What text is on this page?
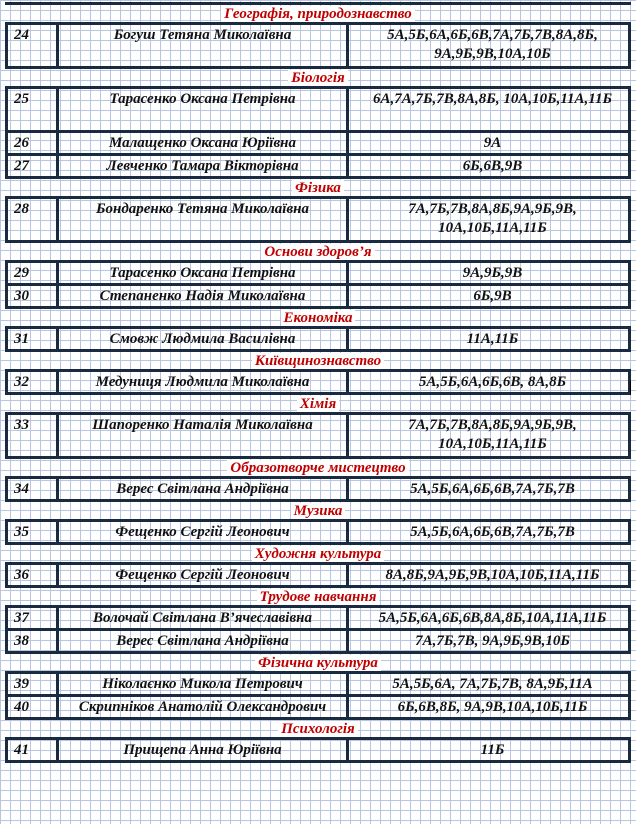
Географія, природознавство
24	Богуш Тетяна Миколаївна	5А,5Б,6А,6Б,6В,7А,7Б,7В,8А,8Б, 9А,9Б,9В,10А,10Б
Біологія
25	Тарасенко Оксана Петрівна	6А,7А,7Б,7В,8А,8Б, 10А,10Б,11А,11Б
26	Малащенко Оксана Юріївна	9А
27	Левченко Тамара Вікторівна	6Б,6В,9В
Фізика
28	Бондаренко Тетяна Миколаївна	7А,7Б,7В,8А,8Б,9А,9Б,9В, 10А,10Б,11А,11Б
Основи здоров’я
29	Тарасенко Оксана Петрівна	9А,9Б,9В
30	Степаненко Надія Миколаївна	6Б,9В
Економіка
31	Смовж Людмила Василівна	11А,11Б
Київщинознавство
32	Медуниця Людмила Миколаївна	5А,5Б,6А,6Б,6В, 8А,8Б
Хімія
33	Шапоренко Наталія Миколаївна	7А,7Б,7В,8А,8Б,9А,9Б,9В, 10А,10Б,11А,11Б
Образотворче мистецтво
34	Верес Світлана Андріївна	5А,5Б,6А,6Б,6В,7А,7Б,7В
Музика
35	Фещенко Сергій Леонович	5А,5Б,6А,6Б,6В,7А,7Б,7В
Художня культура
36	Фещенко Сергій Леонович	8А,8Б,9А,9Б,9В,10А,10Б,11А,11Б
Трудове навчання
37	Волочай Світлана В’ячеславівна	5А,5Б,6А,6Б,6В,8А,8Б,10А,11А,11Б
38	Верес Світлана Андріївна	7А,7Б,7В, 9А,9Б,9В,10Б
Фізична культура
39	Ніколаєнко Микола Петрович	5А,5Б,6А, 7А,7Б,7В, 8А,9Б,11А
40	Скрипніков Анатолій Олександрович	6Б,6В,8Б, 9А,9В,10А,10Б,11Б
Психологія
41	Прищепа Анна Юріївна	11Б
